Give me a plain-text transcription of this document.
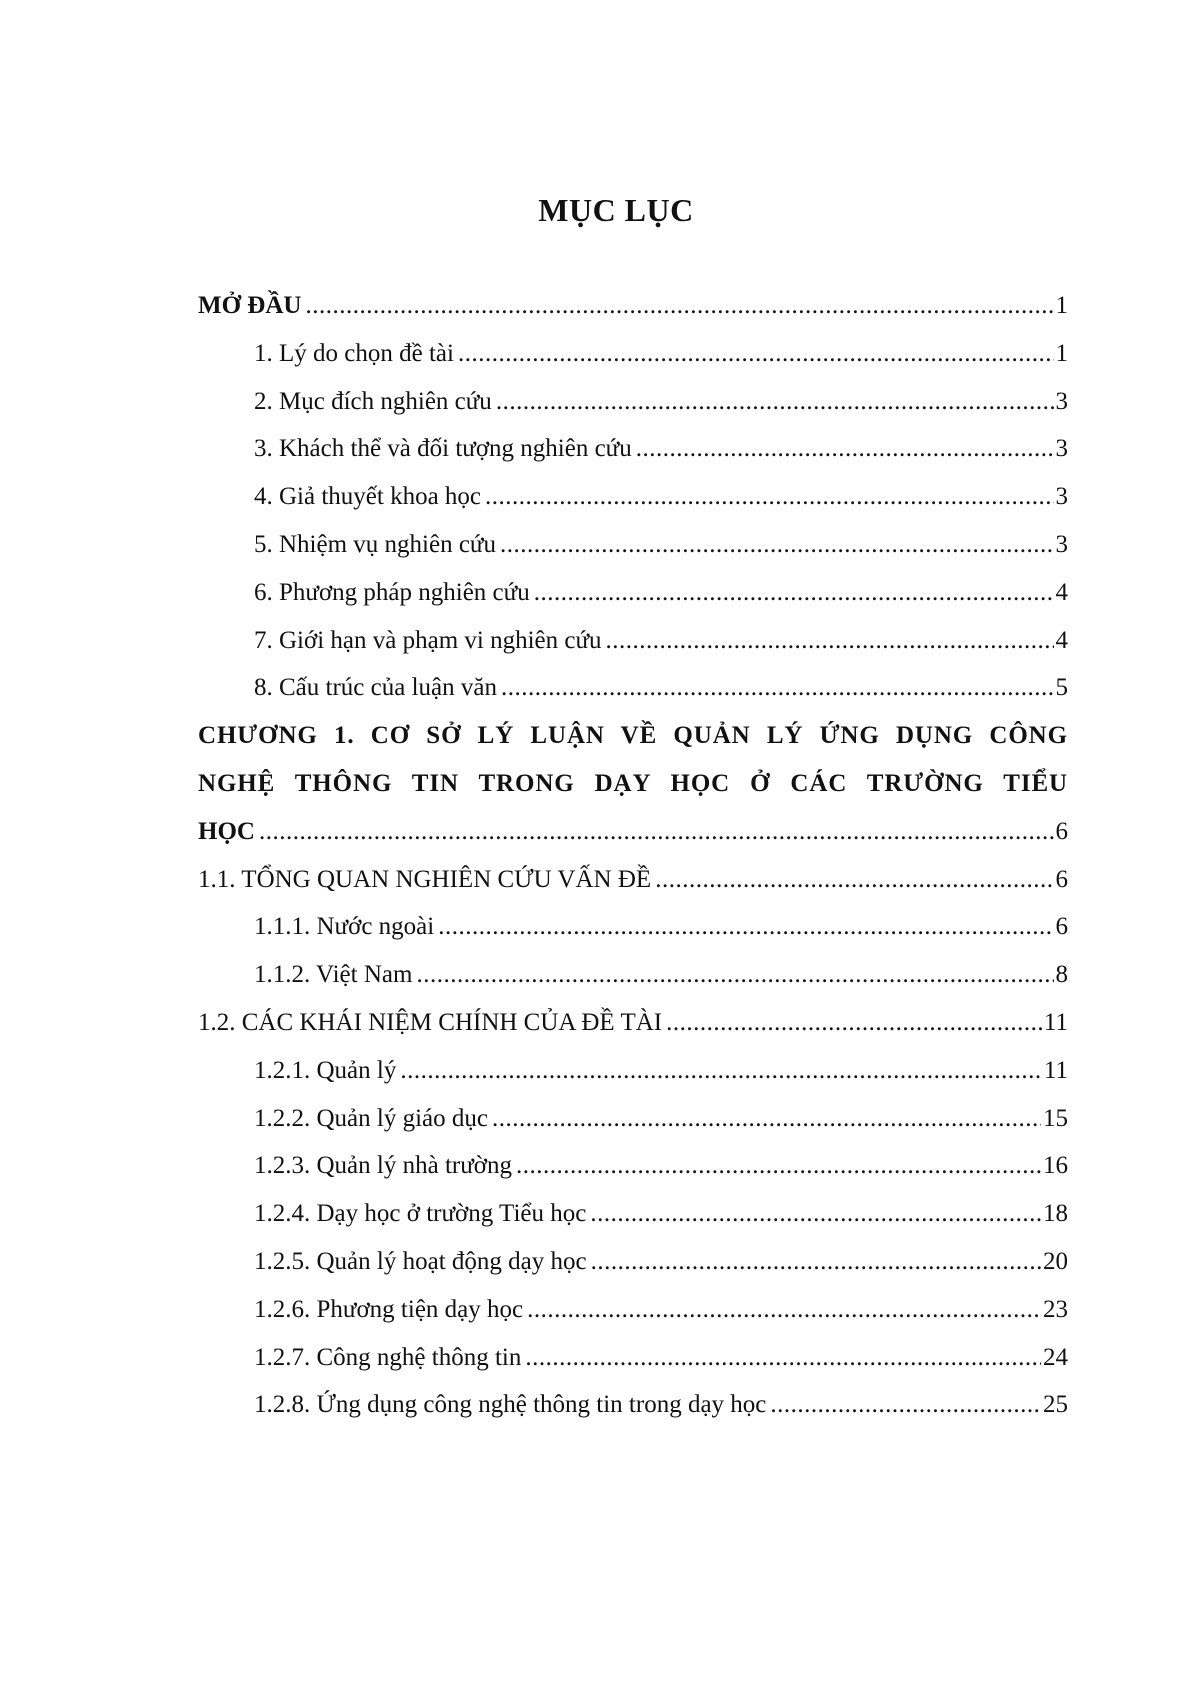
MỤC LỤC
MỞ ĐẦU .....	1
1. Lý do chọn đề tài .....	1
2. Mục đích nghiên cứu .....	3
3. Khách thể và đối tượng nghiên cứu .....	3
4. Giả thuyết khoa học .....	3
5. Nhiệm vụ nghiên cứu .....	3
6. Phương pháp nghiên cứu .....	4
7. Giới hạn và phạm vi nghiên cứu .....	4
8. Cấu trúc của luận văn .....	5
CHƯƠNG 1. CƠ SỞ LÝ LUẬN VỀ QUẢN LÝ ỨNG DỤNG CÔNG
NGHỆ THÔNG TIN TRONG DẠY HỌC Ở CÁC TRƯỜNG TIỂU
HỌC .....	6
1.1. TỔNG QUAN NGHIÊN CỨU VẤN ĐỀ .....	6
1.1.1. Nước ngoài .....	6
1.1.2. Việt Nam .....	8
1.2. CÁC KHÁI NIỆM CHÍNH CỦA ĐỀ TÀI .....	11
1.2.1. Quản lý .....	11
1.2.2. Quản lý giáo dục .....	15
1.2.3. Quản lý nhà trường .....	16
1.2.4. Dạy học ở trường Tiểu học .....	18
1.2.5. Quản lý hoạt động dạy học .....	20
1.2.6. Phương tiện dạy học .....	23
1.2.7. Công nghệ thông tin .....	24
1.2.8. Ứng dụng công nghệ thông tin trong dạy học .....	25
